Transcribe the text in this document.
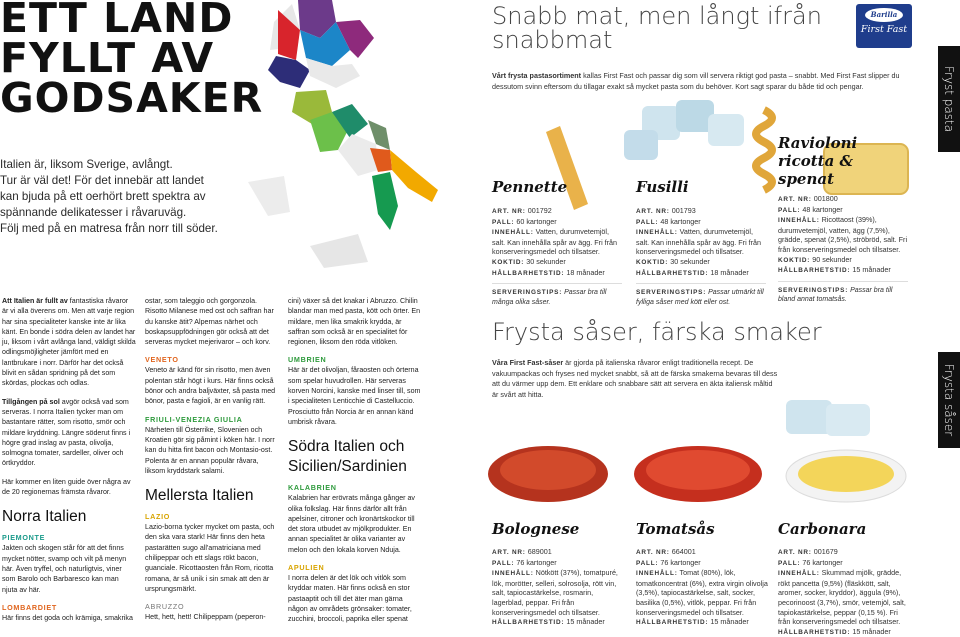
ETT LAND
FYLLT AV
GODSAKER
Italien är, liksom Sverige, avlångt.
Tur är väl det! För det innebär att landet
kan bjuda på ett oerhört brett spektra av
spännande delikatesser i råvaruväg.
Följ med på en matresa från norr till söder.

Att Italien är fullt av fantastiska råvaror är vi alla överens om. Men att varje region har sina specialiteter kanske inte är lika känt. En bonde i södra delen av landet har ju, liksom i vårt avlånga land, väldigt skilda odlingsmöjligheter jämfört med en lantbrukare i norr. Därför har det också blivit en sådan spridning på det som skördas, plockas och odlas.

Tillgången på sol avgör också vad som serveras. I norra Italien tycker man om bastantare rätter, som risotto, smör och mildare kryddning. Längre söderut finns i högre grad inslag av pasta, olivolja, solmogna tomater, sardeller, oliver och örtkryddor.

Här kommer en liten guide över några av de 20 regionernas främsta råvaror.

Norra Italien
PIEMONTE

Jakten och skogen står för att det finns mycket nötter, svamp och vilt på menyn här. Även tryffel, och naturligtvis, viner som Barolo och Barbaresco kan man njuta av här.

LOMBARDIET

Här finns det goda och krämiga, smakrika

ostar, som taleggio och gorgonzola. Risotto Milanese med ost och saffran har du kanske ätit? Alpernas närhet och boskapsuppfödningen gör också att det serveras mycket mejerivaror – och korv.

VENETO

Veneto är känd för sin risotto, men även polentan står högt i kurs. Här finns också bönor och andra baljväxter, så pasta med bönor, pasta e fagioli, är en vanlig rätt.

FRIULI-VENEZIA GIULIA

Närheten till Österrike, Slovenien och Kroatien gör sig påmint i köken här. I norr kan du hitta fint bacon och Montasio-ost. Polenta är en annan populär råvara, liksom kryddstark salami.

Mellersta Italien
LAZIO

Lazio-borna tycker mycket om pasta, och den ska vara stark! Här finns den heta pastarätten sugo all'amatriciana med chilipeppar och ett slags rökt bacon, guanciale. Ricottaosten från Rom, ricotta romana, är så unik i sin smak att den är ursprungsmärkt.

ABRUZZO

Hett, hett, hett! Chilipeppam (peperon-

cini) växer så det knakar i Abruzzo. Chilin blandar man med pasta, kött och örter. En mildare, men lika smakrik krydda, är saffran som också är en specialitet för regionen, liksom den röda vitlöken.

UMBRIEN

Här är det olivoljan, fåraosten och örterna som spelar huvudrollen. Här serveras korven Norcini, kanske med linser till, som i specialiteten Lenticchie di Castelluccio. Prosciutto från Norcia är en annan känd umbrisk råvara.

Södra Italien och Sicilien/Sardinien
KALABRIEN

Kalabrien har erövrats många gånger av olika folkslag. Här finns därför allt från apelsiner, citroner och kronärtskockor till det stora utbudet av mjölkprodukter. En annan specialitet är olika varianter av melon och den lokala korven Nduja.

APULIEN

I norra delen är det lök och vitlök som kryddar maten. Här finns också en stor pastaaptit och till det äter man gärna någon av områdets grönsaker: tomater, zucchini, broccoli, paprika eller spenat

Snabb mat, men långt ifrån
snabbmat
Barilla
First Fast
Vårt frysta pastasortiment kallas First Fast och passar dig som vill servera riktigt god pasta – snabbt. Med First Fast slipper du dessutom svinn eftersom du tillagar exakt så mycket pasta som du behöver. Kort sagt sparar du både tid och pengar.	Fryst pasta
Pennette
ART. NR: 001792
PALL: 60 kartonger
INNEHÅLL: Vatten, durumvetemjöl, salt. Kan innehålla spår av ägg. Fri från konserveringsmedel och tillsatser.
KOKTID: 30 sekunder
HÅLLBARHETSTID: 18 månader
SERVERINGSTIPS: Passar bra till många olika såser.
Fusilli
ART. NR: 001793
PALL: 48 kartonger
INNEHÅLL: Vatten, durumvetemjöl, salt. Kan innehålla spår av ägg. Fri från konserveringsmedel och tillsatser.
KOKTID: 30 sekunder
HÅLLBARHETSTID: 18 månader
SERVERINGSTIPS: Passar utmärkt till fylliga såser med kött eller ost.
Ravioloni ricotta & spenat
ART. NR: 001800
PALL: 48 kartonger
INNEHÅLL: Ricottaost (39%), durumvetemjöl, vatten, ägg (7,5%), grädde, spenat (2,5%), ströbröd, salt. Fri från konserveringsmedel och tillsatser.
KOKTID: 90 sekunder
HÅLLBARHETSTID: 15 månader
SERVERINGSTIPS: Passar bra till bland annat tomatsås.
Frysta såser, färska smaker
Våra First Fast-såser är gjorda på italienska råvaror enligt traditionella recept. De vakuumpackas och fryses ned mycket snabbt, så att de färska smakerna bevaras till dess att du värmer upp dem. Ett enklare och snabbare sätt att servera en äkta italiensk måltid är svårt att hitta.	Frysta såser
Bolognese
ART. NR: 689001
PALL: 76 kartonger
INNEHÅLL: Nötkött (37%), tomatpuré, lök, morötter, selleri, solrosolja, rött vin, salt, tapiocastärkelse, rosmarin, lagerblad, peppar. Fri från konserveringsmedel och tillsatser.
HÅLLBARHETSTID: 15 månader
Tomatsås
ART. NR: 664001
PALL: 76 kartonger
INNEHÅLL: Tomat (80%), lök, tomatkoncentrat (6%), extra virgin olivolja (3,5%), tapiocastärkelse, salt, socker, basilika (0,5%), vitlök, peppar. Fri från konserveringsmedel och tillsatser.
HÅLLBARHETSTID: 15 månader
Carbonara
ART. NR: 001679
PALL: 76 kartonger
INNEHÅLL: Skummad mjölk, grädde, rökt pancetta (9,5%) (fläskkött, salt, aromer, socker, kryddor), äggula (9%), pecorinoost (3,7%), smör, vetemjöl, salt, tapiokastärkelse, peppar (0,15 %). Fri från konserveringsmedel och tillsatser.
HÅLLBARHETSTID: 15 månader
